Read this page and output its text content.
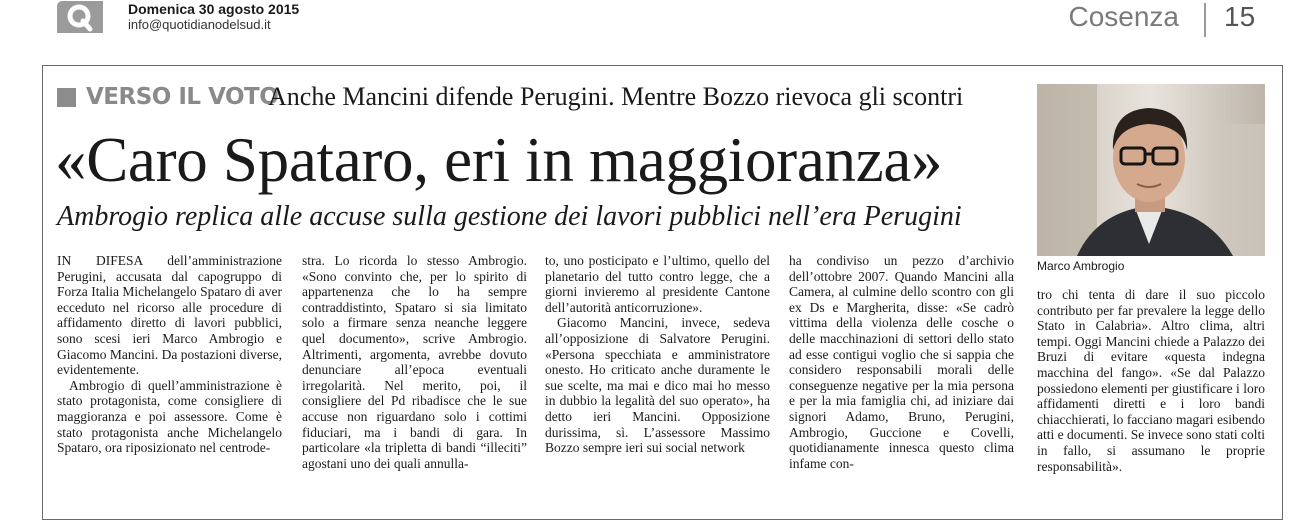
Domenica 30 agosto 2015
info@quotidianodelsud.it	Cosenza 15
VERSO IL VOTO
Anche Mancini difende Perugini. Mentre Bozzo rievoca gli scontri
«Caro Spataro, eri in maggioranza»
Ambrogio replica alle accuse sulla gestione dei lavori pubblici nell’era Perugini
Marco Ambrogio

IN DIFESA dell’amministrazione Perugini, accusata dal capogruppo di Forza Italia Michelangelo Spataro di aver ecceduto nel ricorso alle procedure di affidamento diretto di lavori pubblici, sono scesi ieri Marco Ambrogio e Giacomo Mancini. Da postazioni diverse, evidentemente.

Ambrogio di quell’amministrazione è stato protagonista, come consigliere di maggioranza e poi assessore. Come è stato protagonista anche Michelangelo Spataro, ora riposizionato nel centrode-

stra. Lo ricorda lo stesso Ambrogio. «Sono convinto che, per lo spirito di appartenenza che lo ha sempre contraddistinto, Spataro si sia limitato solo a firmare senza neanche leggere quel documento», scrive Ambrogio. Altrimenti, argomenta, avrebbe dovuto denunciare all’epoca eventuali irregolarità. Nel merito, poi, il consigliere del Pd ribadisce che le sue accuse non riguardano solo i cottimi fiduciari, ma i bandi di gara. In particolare «la tripletta di bandi “illeciti” agostani uno dei quali annulla-

to, uno posticipato e l’ultimo, quello del planetario del tutto contro legge, che a giorni invieremo al presidente Cantone dell’autorità anticorruzione».

Giacomo Mancini, invece, sedeva all’opposizione di Salvatore Perugini. «Persona specchiata e amministratore onesto. Ho criticato anche duramente le sue scelte, ma mai e dico mai ho messo in dubbio la legalità del suo operato», ha detto ieri Mancini. Opposizione durissima, sì. L’assessore Massimo Bozzo sempre ieri sui social network

ha condiviso un pezzo d’archivio dell’ottobre 2007. Quando Mancini alla Camera, al culmine dello scontro con gli ex Ds e Margherita, disse: «Se cadrò vittima della violenza delle cosche o delle macchinazioni di settori dello stato ad esse contigui voglio che si sappia che considero responsabili morali delle conseguenze negative per la mia persona e per la mia famiglia chi, ad iniziare dai signori Adamo, Bruno, Perugini, Ambrogio, Guccione e Covelli, quotidianamente innesca questo clima infame con-

tro chi tenta di dare il suo piccolo contributo per far prevalere la legge dello Stato in Calabria». Altro clima, altri tempi. Oggi Mancini chiede a Palazzo dei Bruzi di evitare «questa indegna macchina del fango». «Se dal Palazzo possiedono elementi per giustificare i loro affidamenti diretti e i loro bandi chiacchierati, lo facciano magari esibendo atti e documenti. Se invece sono stati colti in fallo, si assumano le proprie responsabilità».
